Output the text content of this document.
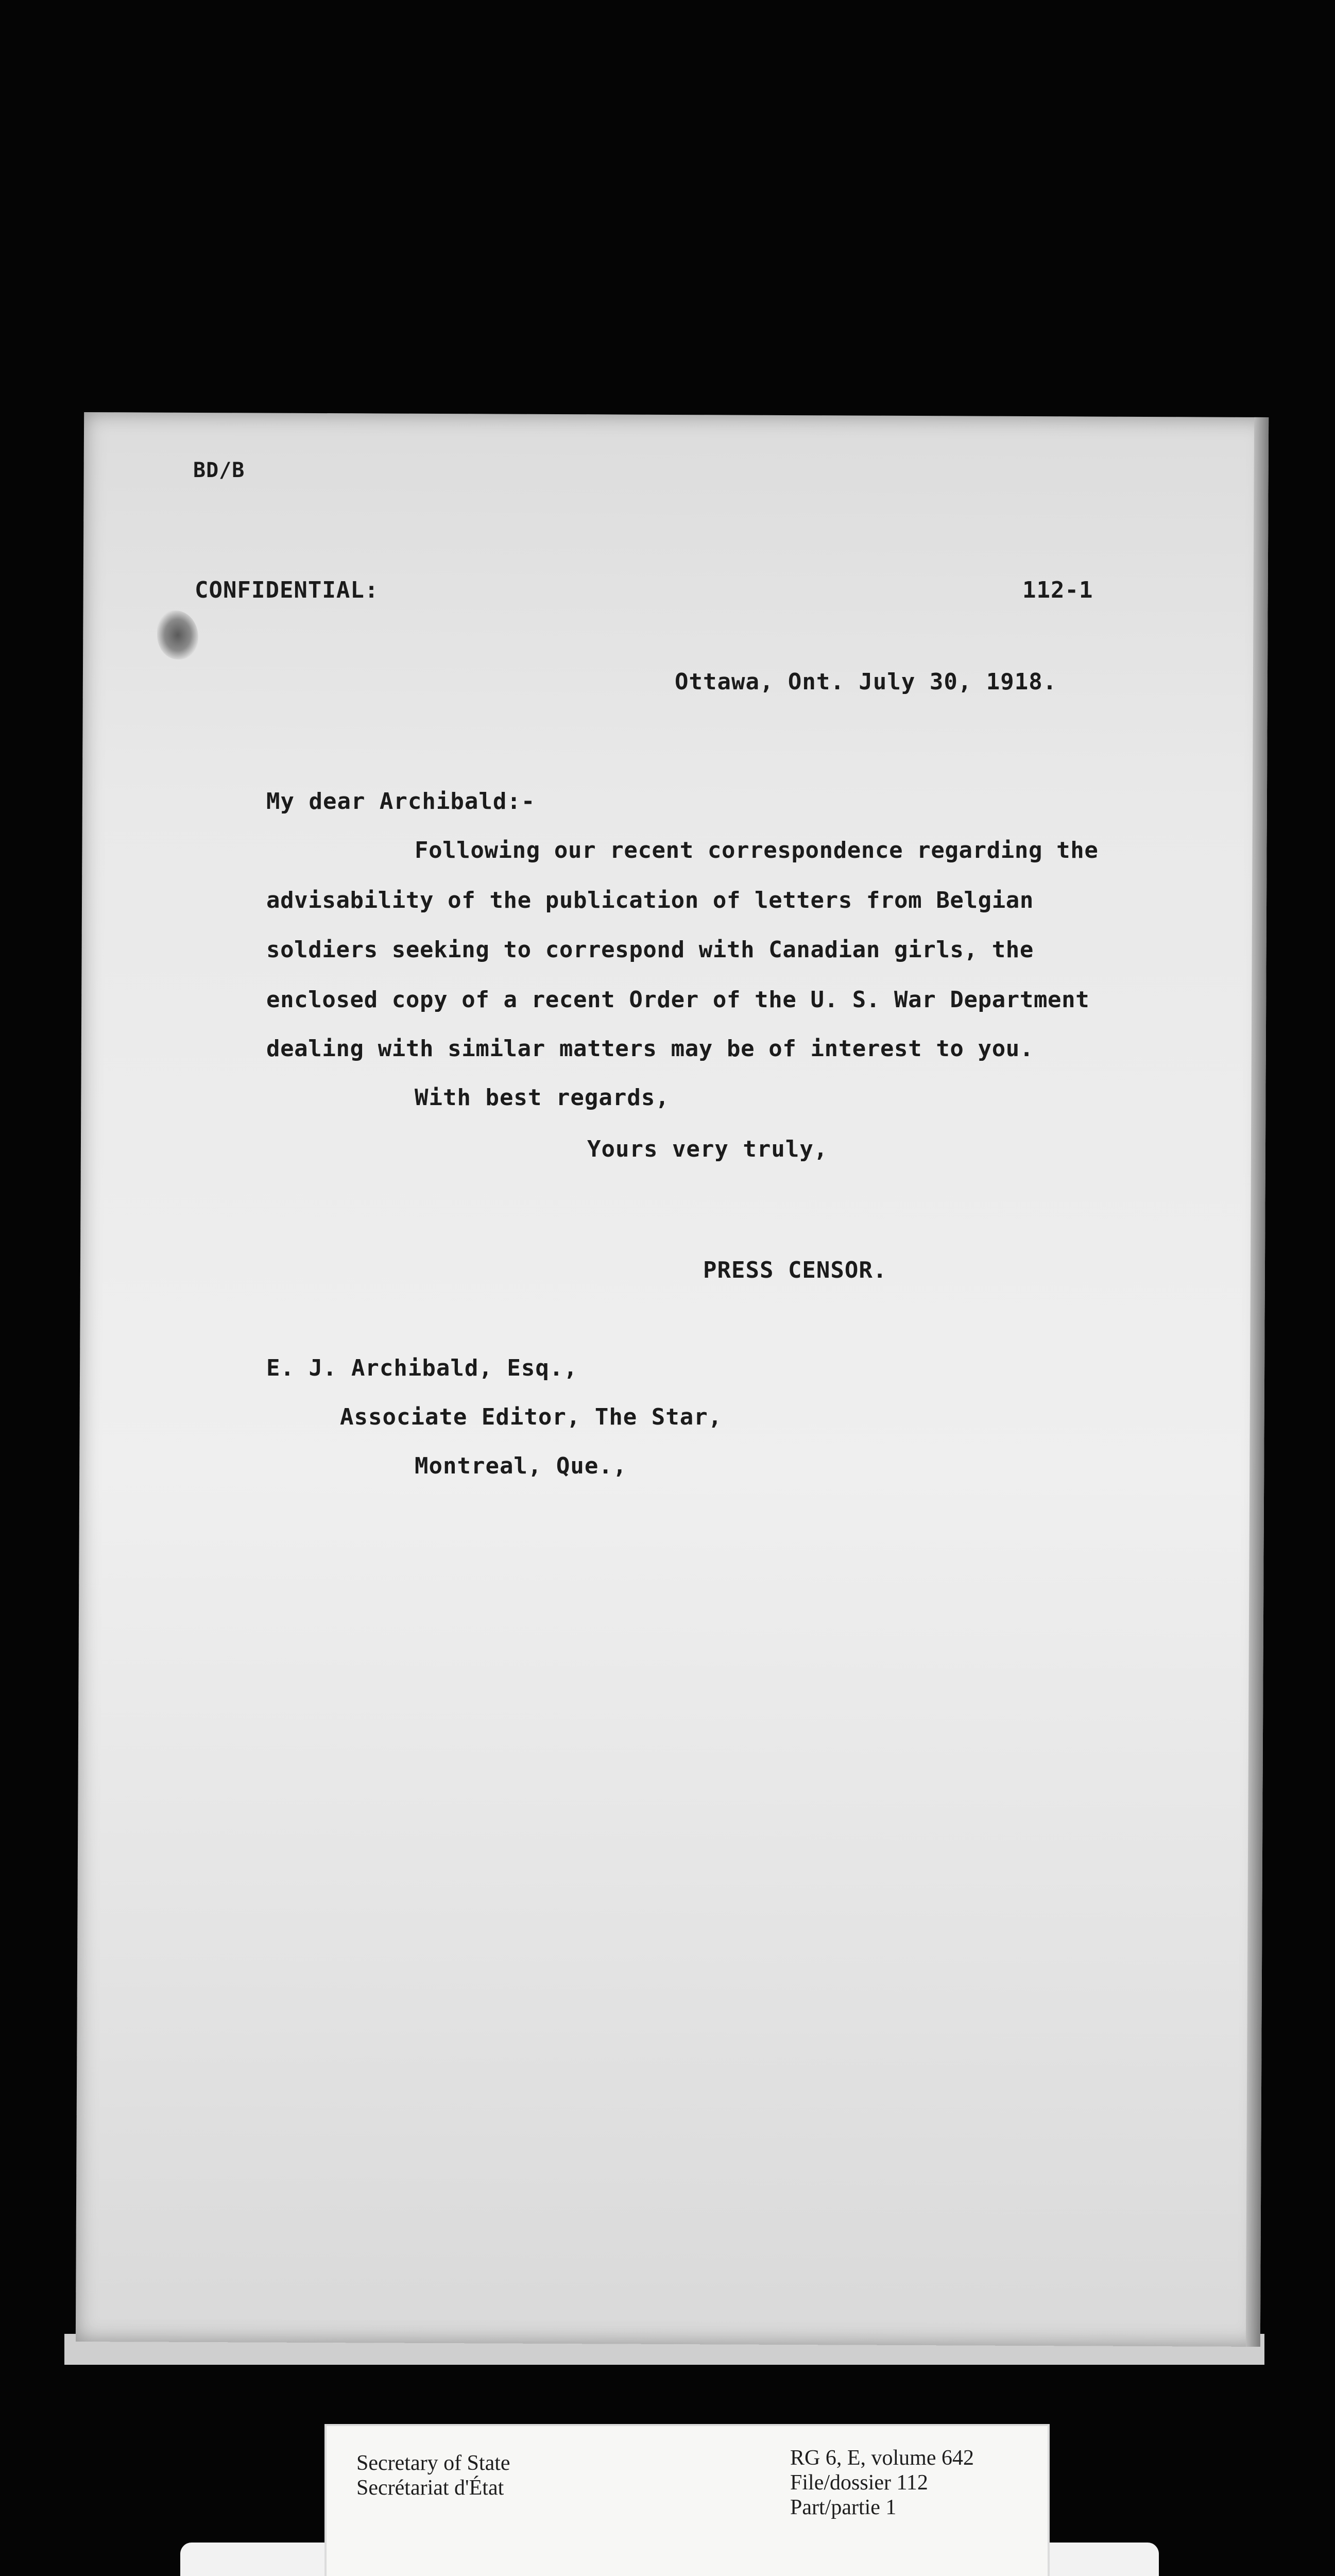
BD/B
CONFIDENTIAL:	112-1
Ottawa, Ont. July 30, 1918.
My dear Archibald:-
Following our recent correspondence regarding the
advisability of the publication of letters from Belgian
soldiers seeking to correspond with Canadian girls, the
enclosed copy of a recent Order of the U. S. War Department
dealing with similar matters may be of interest to you.
With best regards,
Yours very truly,
PRESS CENSOR.
E. J. Archibald, Esq.,
Associate Editor, The Star,
Montreal, Que.,
Secretary of State
Secrétariat d'État
RG 6, E, volume 642
File/dossier 112
Part/partie 1
